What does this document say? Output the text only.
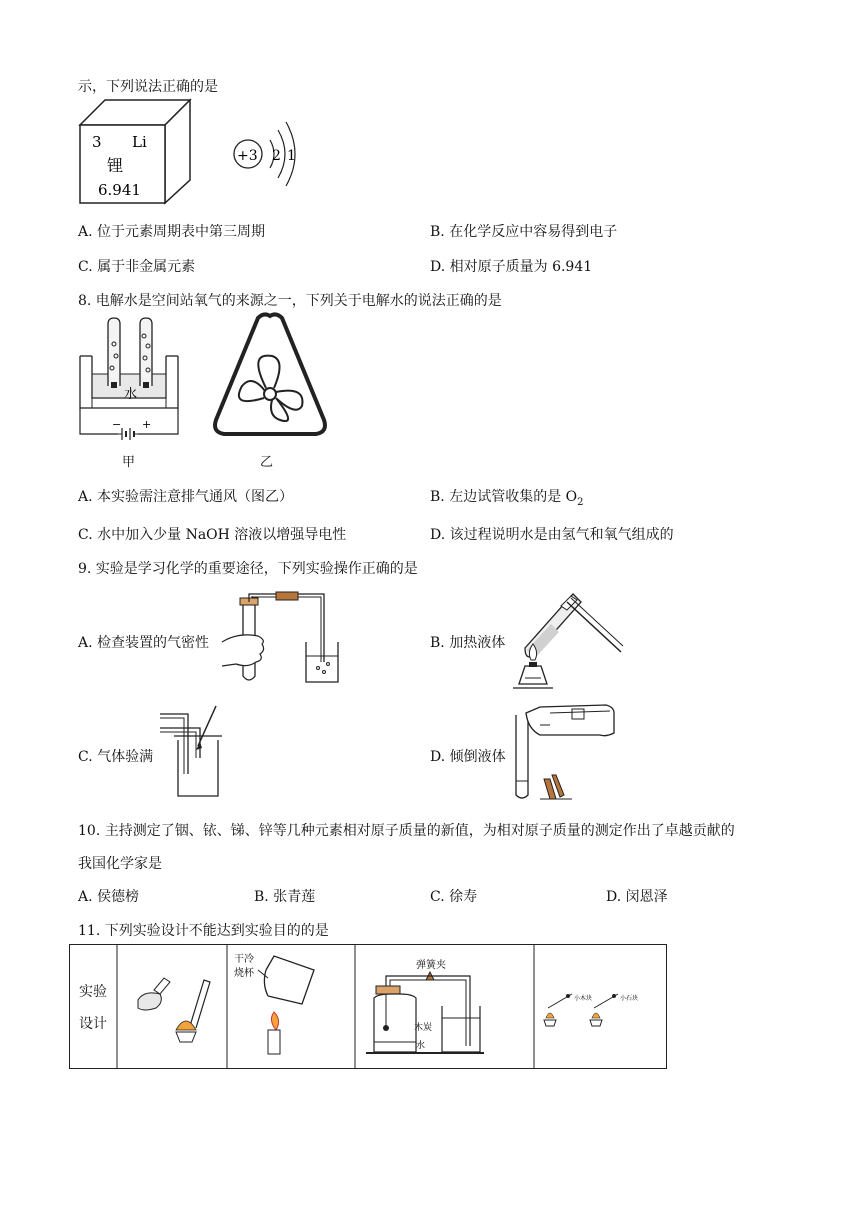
示，下列说法正确的是
3 Li
锂
6.941
+3 2 1
A. 位于元素周期表中第三周期	B. 在化学反应中容易得到电子
C. 属于非金属元素	D. 相对原子质量为 6.941
8. 电解水是空间站氧气的来源之一，下列关于电解水的说法正确的是
水
− +
甲	乙
A. 本实验需注意排气通风（图乙）	B. 左边试管收集的是 $O_2$
C. 水中加入少量 NaOH 溶液以增强导电性	D. 该过程说明水是由氢气和氧气组成的
9. 实验是学习化学的重要途径，下列实验操作正确的是
A. 检查装置的气密性	B. 加热液体
C. 气体验满	D. 倾倒液体
10. 主持测定了铟、铱、锑、锌等几种元素相对原子质量的新值，为相对原子质量的测定作出了卓越贡献的
我国化学家是
A. 侯德榜	B. 张青莲	C. 徐寿	D. 闵恩泽
11. 下列实验设计不能达到实验目的的是
实验
设计
干冷
烧杯
弹簧夹
木炭
水
小木块	小石块
